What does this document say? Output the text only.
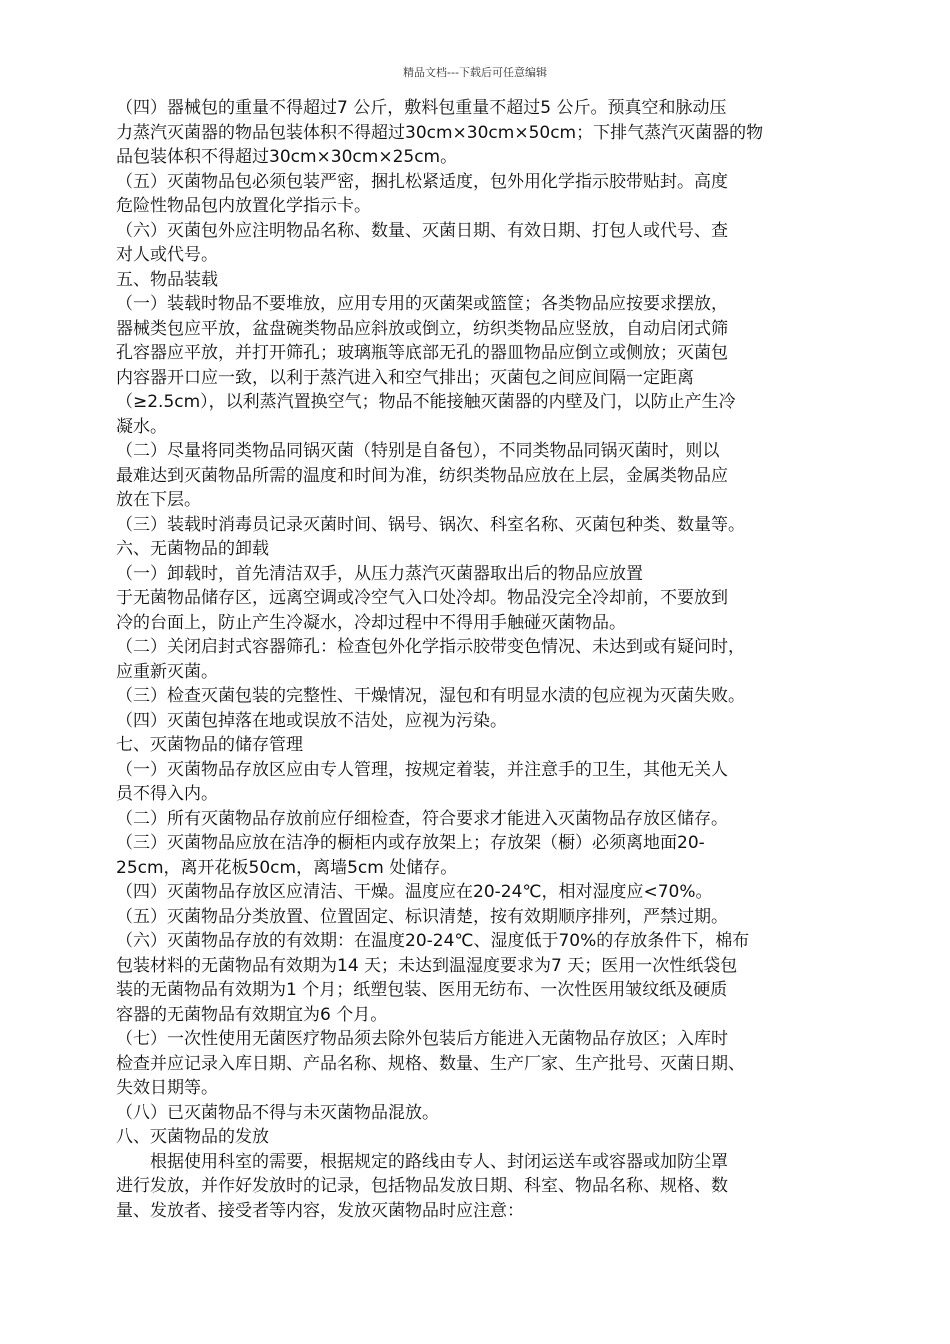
精品文档---下载后可任意编辑
（四）器械包的重量不得超过7 公斤，敷料包重量不超过5 公斤。预真空和脉动压
力蒸汽灭菌器的物品包装体积不得超过30cm×30cm×50cm；下排气蒸汽灭菌器的物
品包装体积不得超过30cm×30cm×25cm。
（五）灭菌物品包必须包装严密，捆扎松紧适度，包外用化学指示胶带贴封。高度
危险性物品包内放置化学指示卡。
（六）灭菌包外应注明物品名称、数量、灭菌日期、有效日期、打包人或代号、查
对人或代号。
五、物品装载
（一）装载时物品不要堆放，应用专用的灭菌架或篮筐；各类物品应按要求摆放，
器械类包应平放，盆盘碗类物品应斜放或倒立，纺织类物品应竖放，自动启闭式筛
孔容器应平放，并打开筛孔；玻璃瓶等底部无孔的器皿物品应倒立或侧放；灭菌包
内容器开口应一致，以利于蒸汽进入和空气排出；灭菌包之间应间隔一定距离
（≥2.5cm），以利蒸汽置换空气；物品不能接触灭菌器的内壁及门，以防止产生冷
凝水。
（二）尽量将同类物品同锅灭菌（特别是自备包），不同类物品同锅灭菌时，则以
最难达到灭菌物品所需的温度和时间为准，纺织类物品应放在上层，金属类物品应
放在下层。
（三）装载时消毒员记录灭菌时间、锅号、锅次、科室名称、灭菌包种类、数量等。
六、无菌物品的卸载
（一）卸载时，首先清洁双手，从压力蒸汽灭菌器取出后的物品应放置
于无菌物品储存区，远离空调或冷空气入口处冷却。物品没完全冷却前，不要放到
冷的台面上，防止产生冷凝水，冷却过程中不得用手触碰灭菌物品。
（二）关闭启封式容器筛孔：检查包外化学指示胶带变色情况、未达到或有疑问时，
应重新灭菌。
（三）检查灭菌包装的完整性、干燥情况，湿包和有明显水渍的包应视为灭菌失败。
（四）灭菌包掉落在地或误放不洁处，应视为污染。
七、灭菌物品的储存管理
（一）灭菌物品存放区应由专人管理，按规定着装，并注意手的卫生，其他无关人
员不得入内。
（二）所有灭菌物品存放前应仔细检查，符合要求才能进入灭菌物品存放区储存。
（三）灭菌物品应放在洁净的橱柜内或存放架上；存放架（橱）必须离地面20-
25cm，离开花板50cm，离墙5cm 处储存。
（四）灭菌物品存放区应清洁、干燥。温度应在20-24℃，相对湿度应<70%。
（五）灭菌物品分类放置、位置固定、标识清楚，按有效期顺序排列，严禁过期。
（六）灭菌物品存放的有效期：在温度20-24℃、湿度低于70%的存放条件下，棉布
包装材料的无菌物品有效期为14 天；未达到温湿度要求为7 天；医用一次性纸袋包
装的无菌物品有效期为1 个月；纸塑包装、医用无纺布、一次性医用皱纹纸及硬质
容器的无菌物品有效期宜为6 个月。
（七）一次性使用无菌医疗物品须去除外包装后方能进入无菌物品存放区；入库时
检查并应记录入库日期、产品名称、规格、数量、生产厂家、生产批号、灭菌日期、
失效日期等。
（八）已灭菌物品不得与未灭菌物品混放。
八、灭菌物品的发放
根据使用科室的需要，根据规定的路线由专人、封闭运送车或容器或加防尘罩
进行发放，并作好发放时的记录，包括物品发放日期、科室、物品名称、规格、数
量、发放者、接受者等内容，发放灭菌物品时应注意：
